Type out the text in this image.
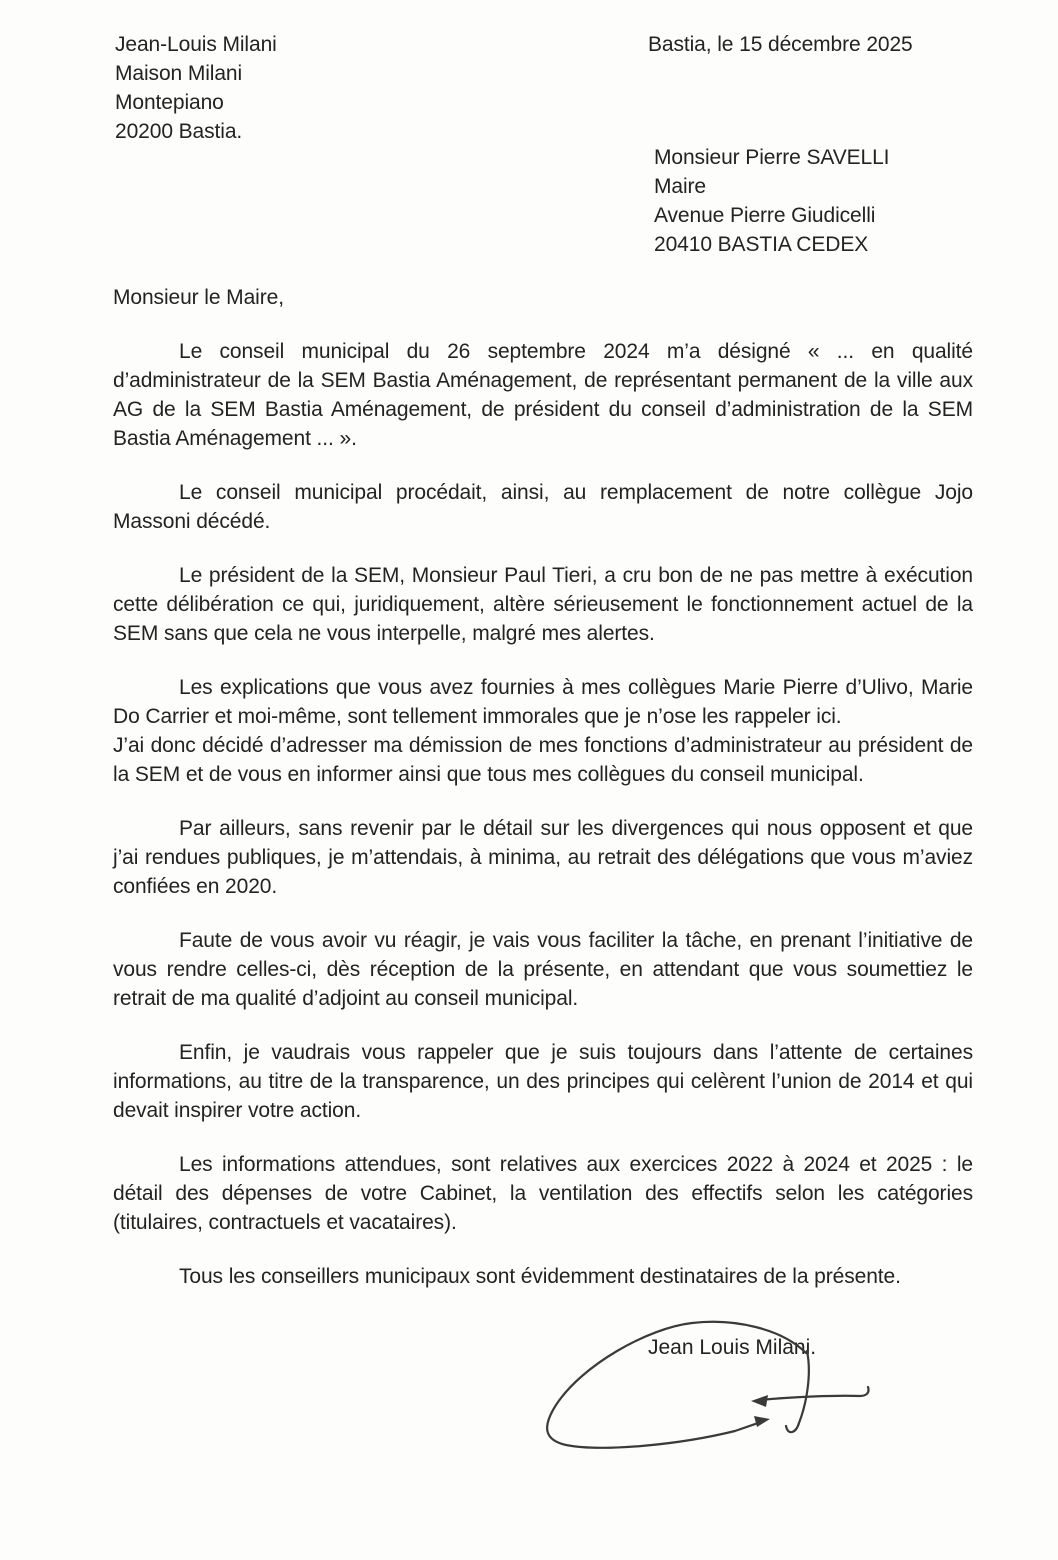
Jean-Louis Milani
Maison Milani
Montepiano
20200 Bastia.
Bastia, le 15 décembre 2025
Monsieur Pierre SAVELLI
Maire
Avenue Pierre Giudicelli
20410 BASTIA CEDEX
Monsieur le Maire,

Le conseil municipal du 26 septembre 2024 m’a désigné « ... en qualité d’administrateur de la SEM Bastia Aménagement, de représentant permanent de la ville aux AG de la SEM Bastia Aménagement, de président du conseil d’administration de la SEM Bastia Aménagement ... ».

Le conseil municipal procédait, ainsi, au remplacement de notre collègue Jojo Massoni décédé.

Le président de la SEM, Monsieur Paul Tieri, a cru bon de ne pas mettre à exécution cette délibération ce qui, juridiquement, altère sérieusement le fonctionnement actuel de la SEM sans que cela ne vous interpelle, malgré mes alertes.

Les explications que vous avez fournies à mes collègues Marie Pierre d’Ulivo, Marie Do Carrier et moi-même, sont tellement immorales que je n’ose les rappeler ici.

J’ai donc décidé d’adresser ma démission de mes fonctions d’administrateur au président de la SEM et de vous en informer ainsi que tous mes collègues du conseil municipal.

Par ailleurs, sans revenir par le détail sur les divergences qui nous opposent et que j’ai rendues publiques, je m’attendais, à minima, au retrait des délégations que vous m’aviez confiées en 2020.

Faute de vous avoir vu réagir, je vais vous faciliter la tâche, en prenant l’initiative de vous rendre celles-ci, dès réception de la présente, en attendant que vous soumettiez le retrait de ma qualité d’adjoint au conseil municipal.

Enfin, je vaudrais vous rappeler que je suis toujours dans l’attente de certaines informations, au titre de la transparence, un des principes qui celèrent l’union de 2014 et qui devait inspirer votre action.

Les informations attendues, sont relatives aux exercices 2022 à 2024 et 2025 : le détail des dépenses de votre Cabinet, la ventilation des effectifs selon les catégories (titulaires, contractuels et vacataires).

Tous les conseillers municipaux sont évidemment destinataires de la présente.

Jean Louis Milani.
